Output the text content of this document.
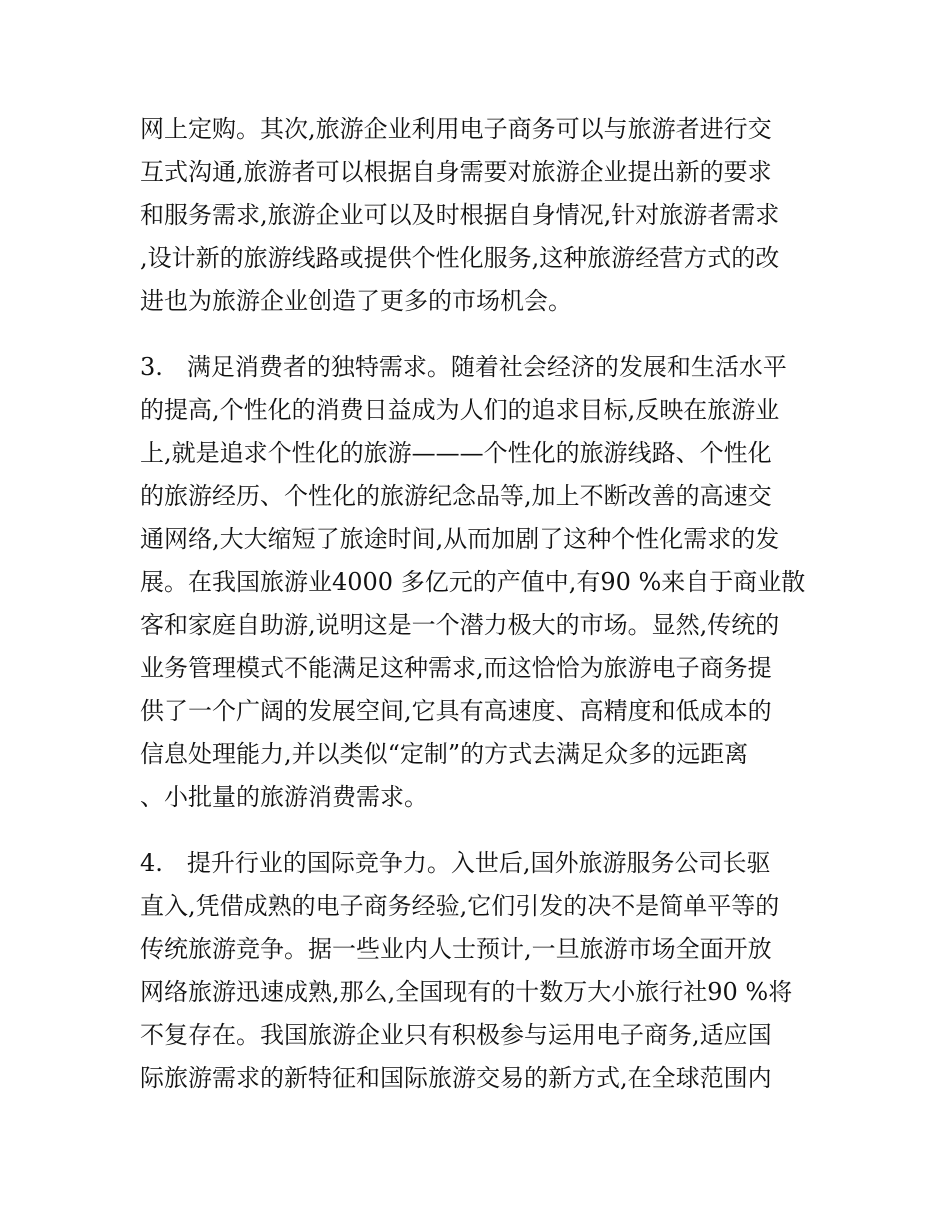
网上定购。其次,旅游企业利用电子商务可以与旅游者进行交
互式沟通,旅游者可以根据自身需要对旅游企业提出新的要求
和服务需求,旅游企业可以及时根据自身情况,针对旅游者需求
,设计新的旅游线路或提供个性化服务,这种旅游经营方式的改
进也为旅游企业创造了更多的市场机会。
3.　满足消费者的独特需求。随着社会经济的发展和生活水平
的提高,个性化的消费日益成为人们的追求目标,反映在旅游业
上,就是追求个性化的旅游———个性化的旅游线路、个性化
的旅游经历、个性化的旅游纪念品等,加上不断改善的高速交
通网络,大大缩短了旅途时间,从而加剧了这种个性化需求的发
展。在我国旅游业4000 多亿元的产值中,有90 %来自于商业散
客和家庭自助游,说明这是一个潜力极大的市场。显然,传统的
业务管理模式不能满足这种需求,而这恰恰为旅游电子商务提
供了一个广阔的发展空间,它具有高速度、高精度和低成本的
信息处理能力,并以类似“定制”的方式去满足众多的远距离
、小批量的旅游消费需求。
4.　提升行业的国际竞争力。入世后,国外旅游服务公司长驱
直入,凭借成熟的电子商务经验,它们引发的决不是简单平等的
传统旅游竞争。据一些业内人士预计,一旦旅游市场全面开放
网络旅游迅速成熟,那么,全国现有的十数万大小旅行社90 %将
不复存在。我国旅游企业只有积极参与运用电子商务,适应国
际旅游需求的新特征和国际旅游交易的新方式,在全球范围内
